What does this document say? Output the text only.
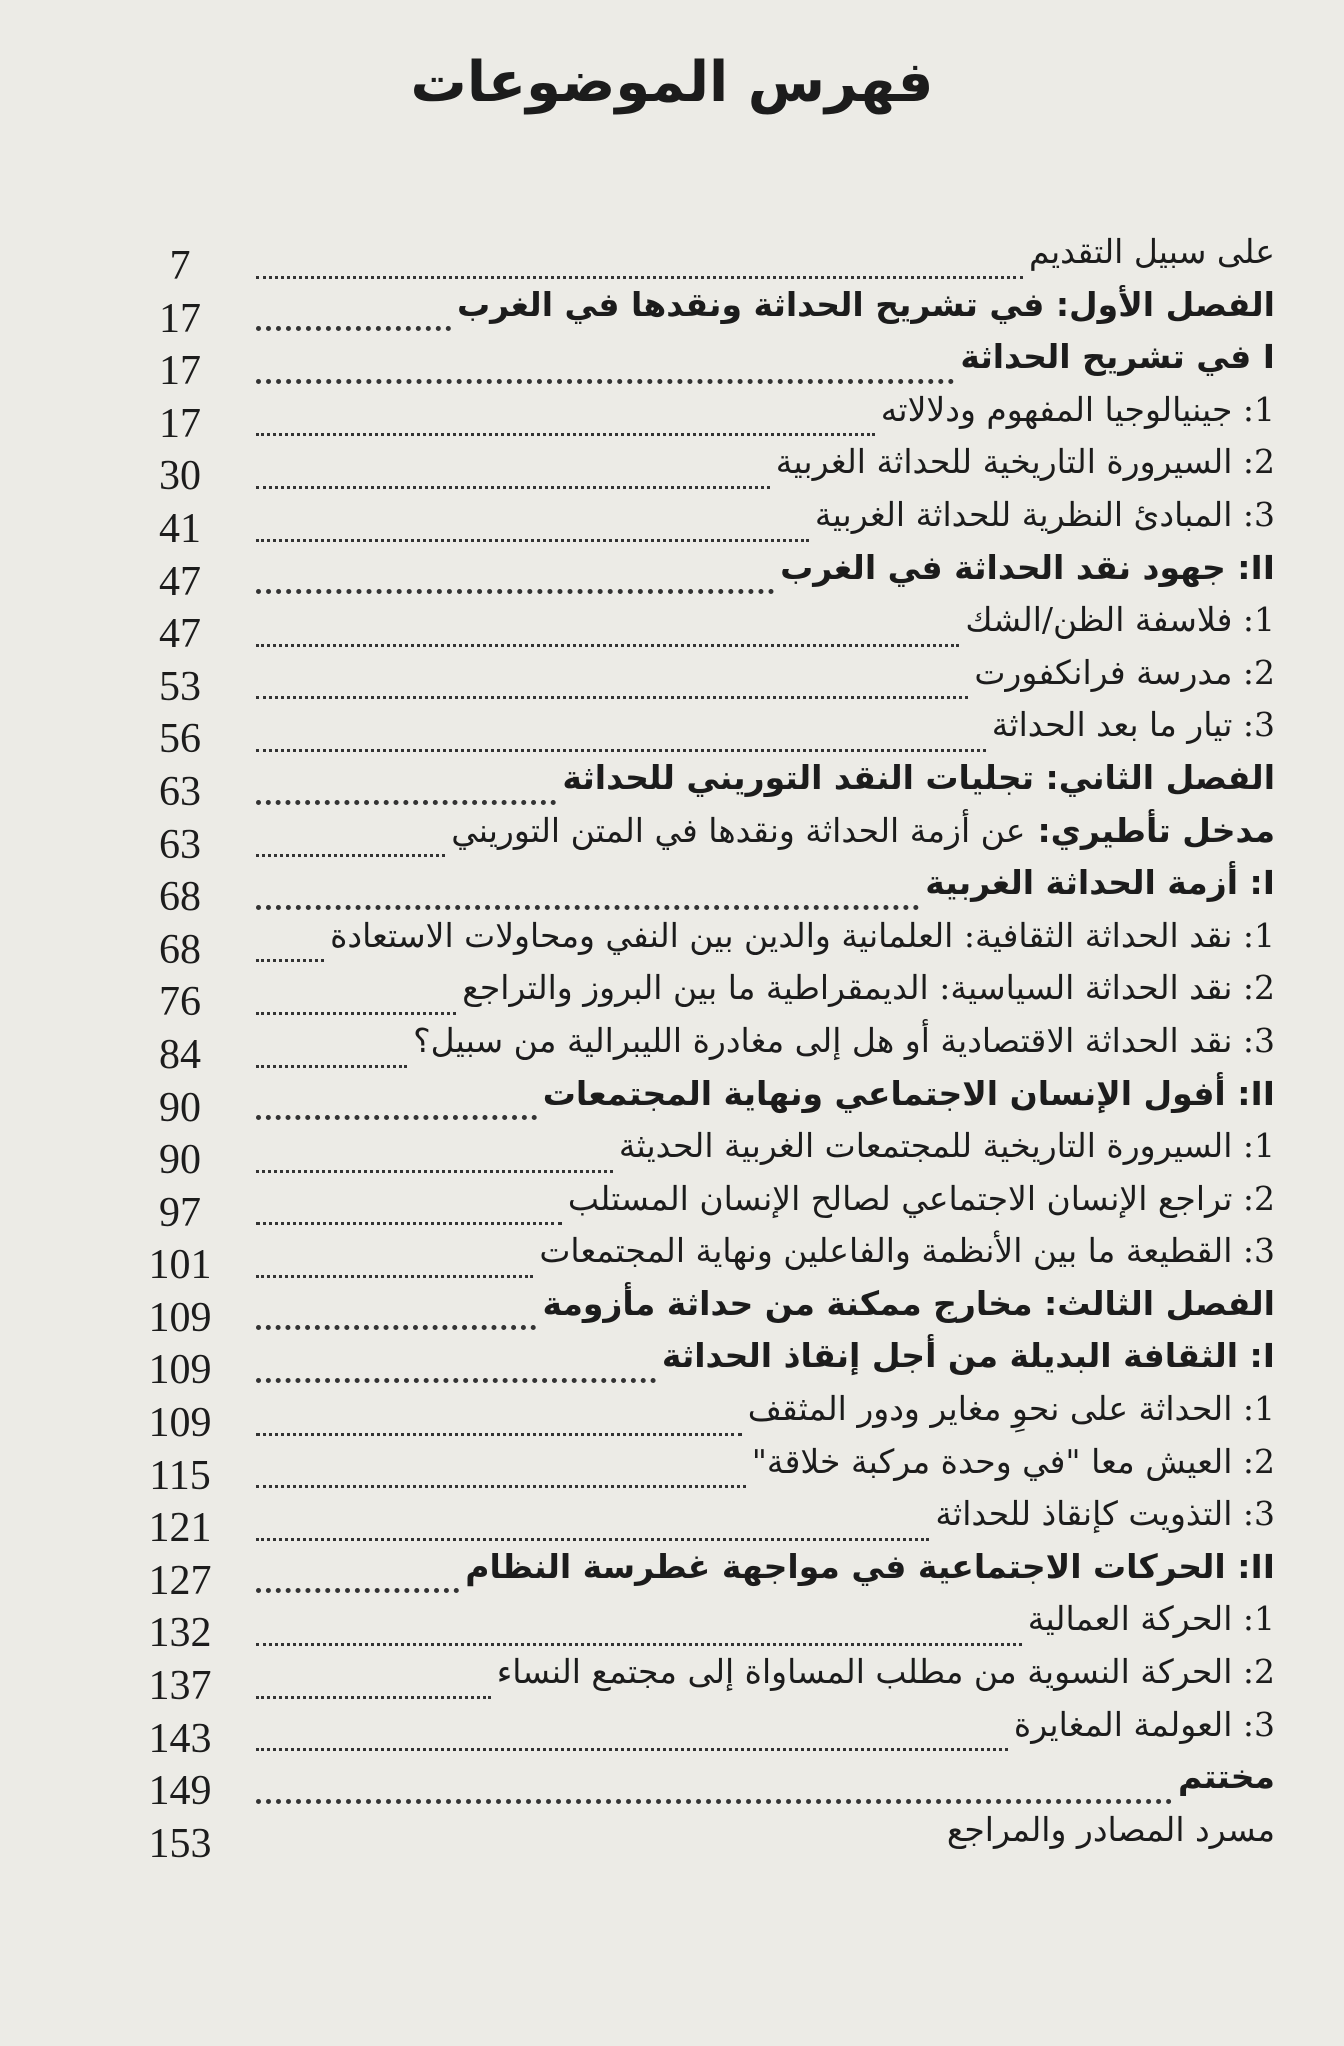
فهرس الموضوعات
على سبيل التقديم
الفصل الأول: في تشريح الحداثة ونقدها في الغرب
I في تشريح الحداثة
1: جينيالوجيا المفهوم ودلالاته
2: السيرورة التاريخية للحداثة الغربية
3: المبادئ النظرية للحداثة الغربية
II: جهود نقد الحداثة في الغرب
1: فلاسفة الظن/الشك
2: مدرسة فرانكفورت
3: تيار ما بعد الحداثة
الفصل الثاني: تجليات النقد التوريني للحداثة
مدخل تأطيري:
عن أزمة الحداثة ونقدها في المتن التوريني
I: أزمة الحداثة الغربية
1: نقد الحداثة الثقافية: العلمانية والدين بين النفي ومحاولات الاستعادة
2: نقد الحداثة السياسية: الديمقراطية ما بين البروز والتراجع
3: نقد الحداثة الاقتصادية أو هل إلى مغادرة الليبرالية من سبيل؟
II: أفول الإنسان الاجتماعي ونهاية المجتمعات
1: السيرورة التاريخية للمجتمعات الغربية الحديثة
2: تراجع الإنسان الاجتماعي لصالح الإنسان المستلب
3: القطيعة ما بين الأنظمة والفاعلين ونهاية المجتمعات
الفصل الثالث: مخارج ممكنة من حداثة مأزومة
I: الثقافة البديلة من أجل إنقاذ الحداثة
1: الحداثة على نحوِ مغاير ودور المثقف
2: العيش معا "في وحدة مركبة خلاقة"
3: التذويت كإنقاذ للحداثة
II: الحركات الاجتماعية في مواجهة غطرسة النظام
1: الحركة العمالية
2: الحركة النسوية من مطلب المساواة إلى مجتمع النساء
3: العولمة المغايرة
مختتم
مسرد المصادر والمراجع
7
17
17
17
30
41
47
47
53
56
63
63
68
68
76
84
90
90
97
101
109
109
109
115
121
127
132
137
143
149
153
